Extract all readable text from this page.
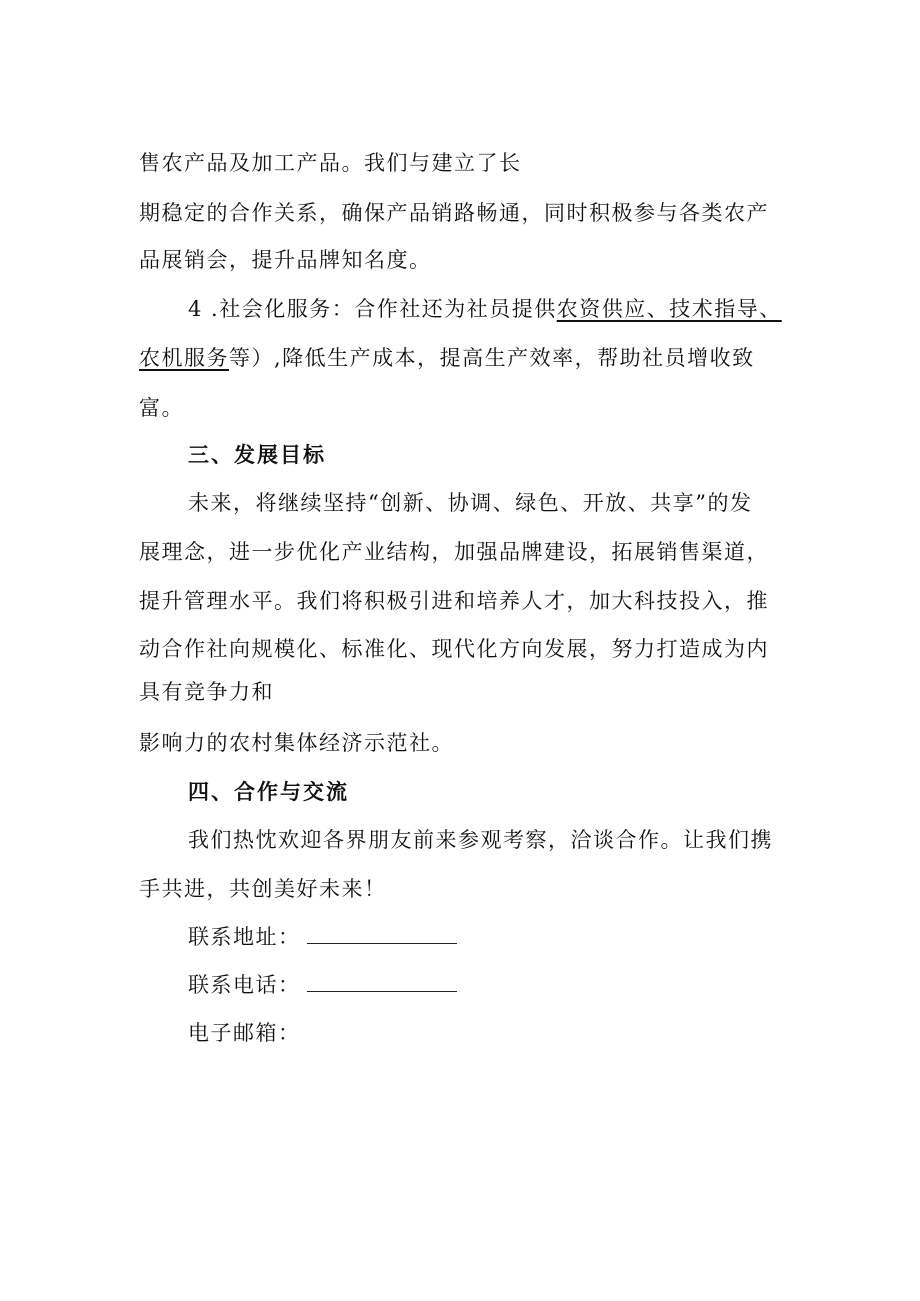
售农产品及加工产品。我们与建立了长
期稳定的合作关系，确保产品销路畅通，同时积极参与各类农产
品展销会，提升品牌知名度。
4 .社会化服务：合作社还为社员提供农资供应、技术指导、
农机服务等）,降低生产成本，提高生产效率，帮助社员增收致
富。
三、发展目标
未来，将继续坚持“创新、协调、绿色、开放、共享”的发
展理念，进一步优化产业结构，加强品牌建设，拓展销售渠道，
提升管理水平。我们将积极引进和培养人才，加大科技投入，推
动合作社向规模化、标准化、现代化方向发展，努力打造成为内
具有竞争力和
影响力的农村集体经济示范社。
四、合作与交流
我们热忱欢迎各界朋友前来参观考察，洽谈合作。让我们携
手共进，共创美好未来！
联系地址：
联系电话：
电子邮箱：
